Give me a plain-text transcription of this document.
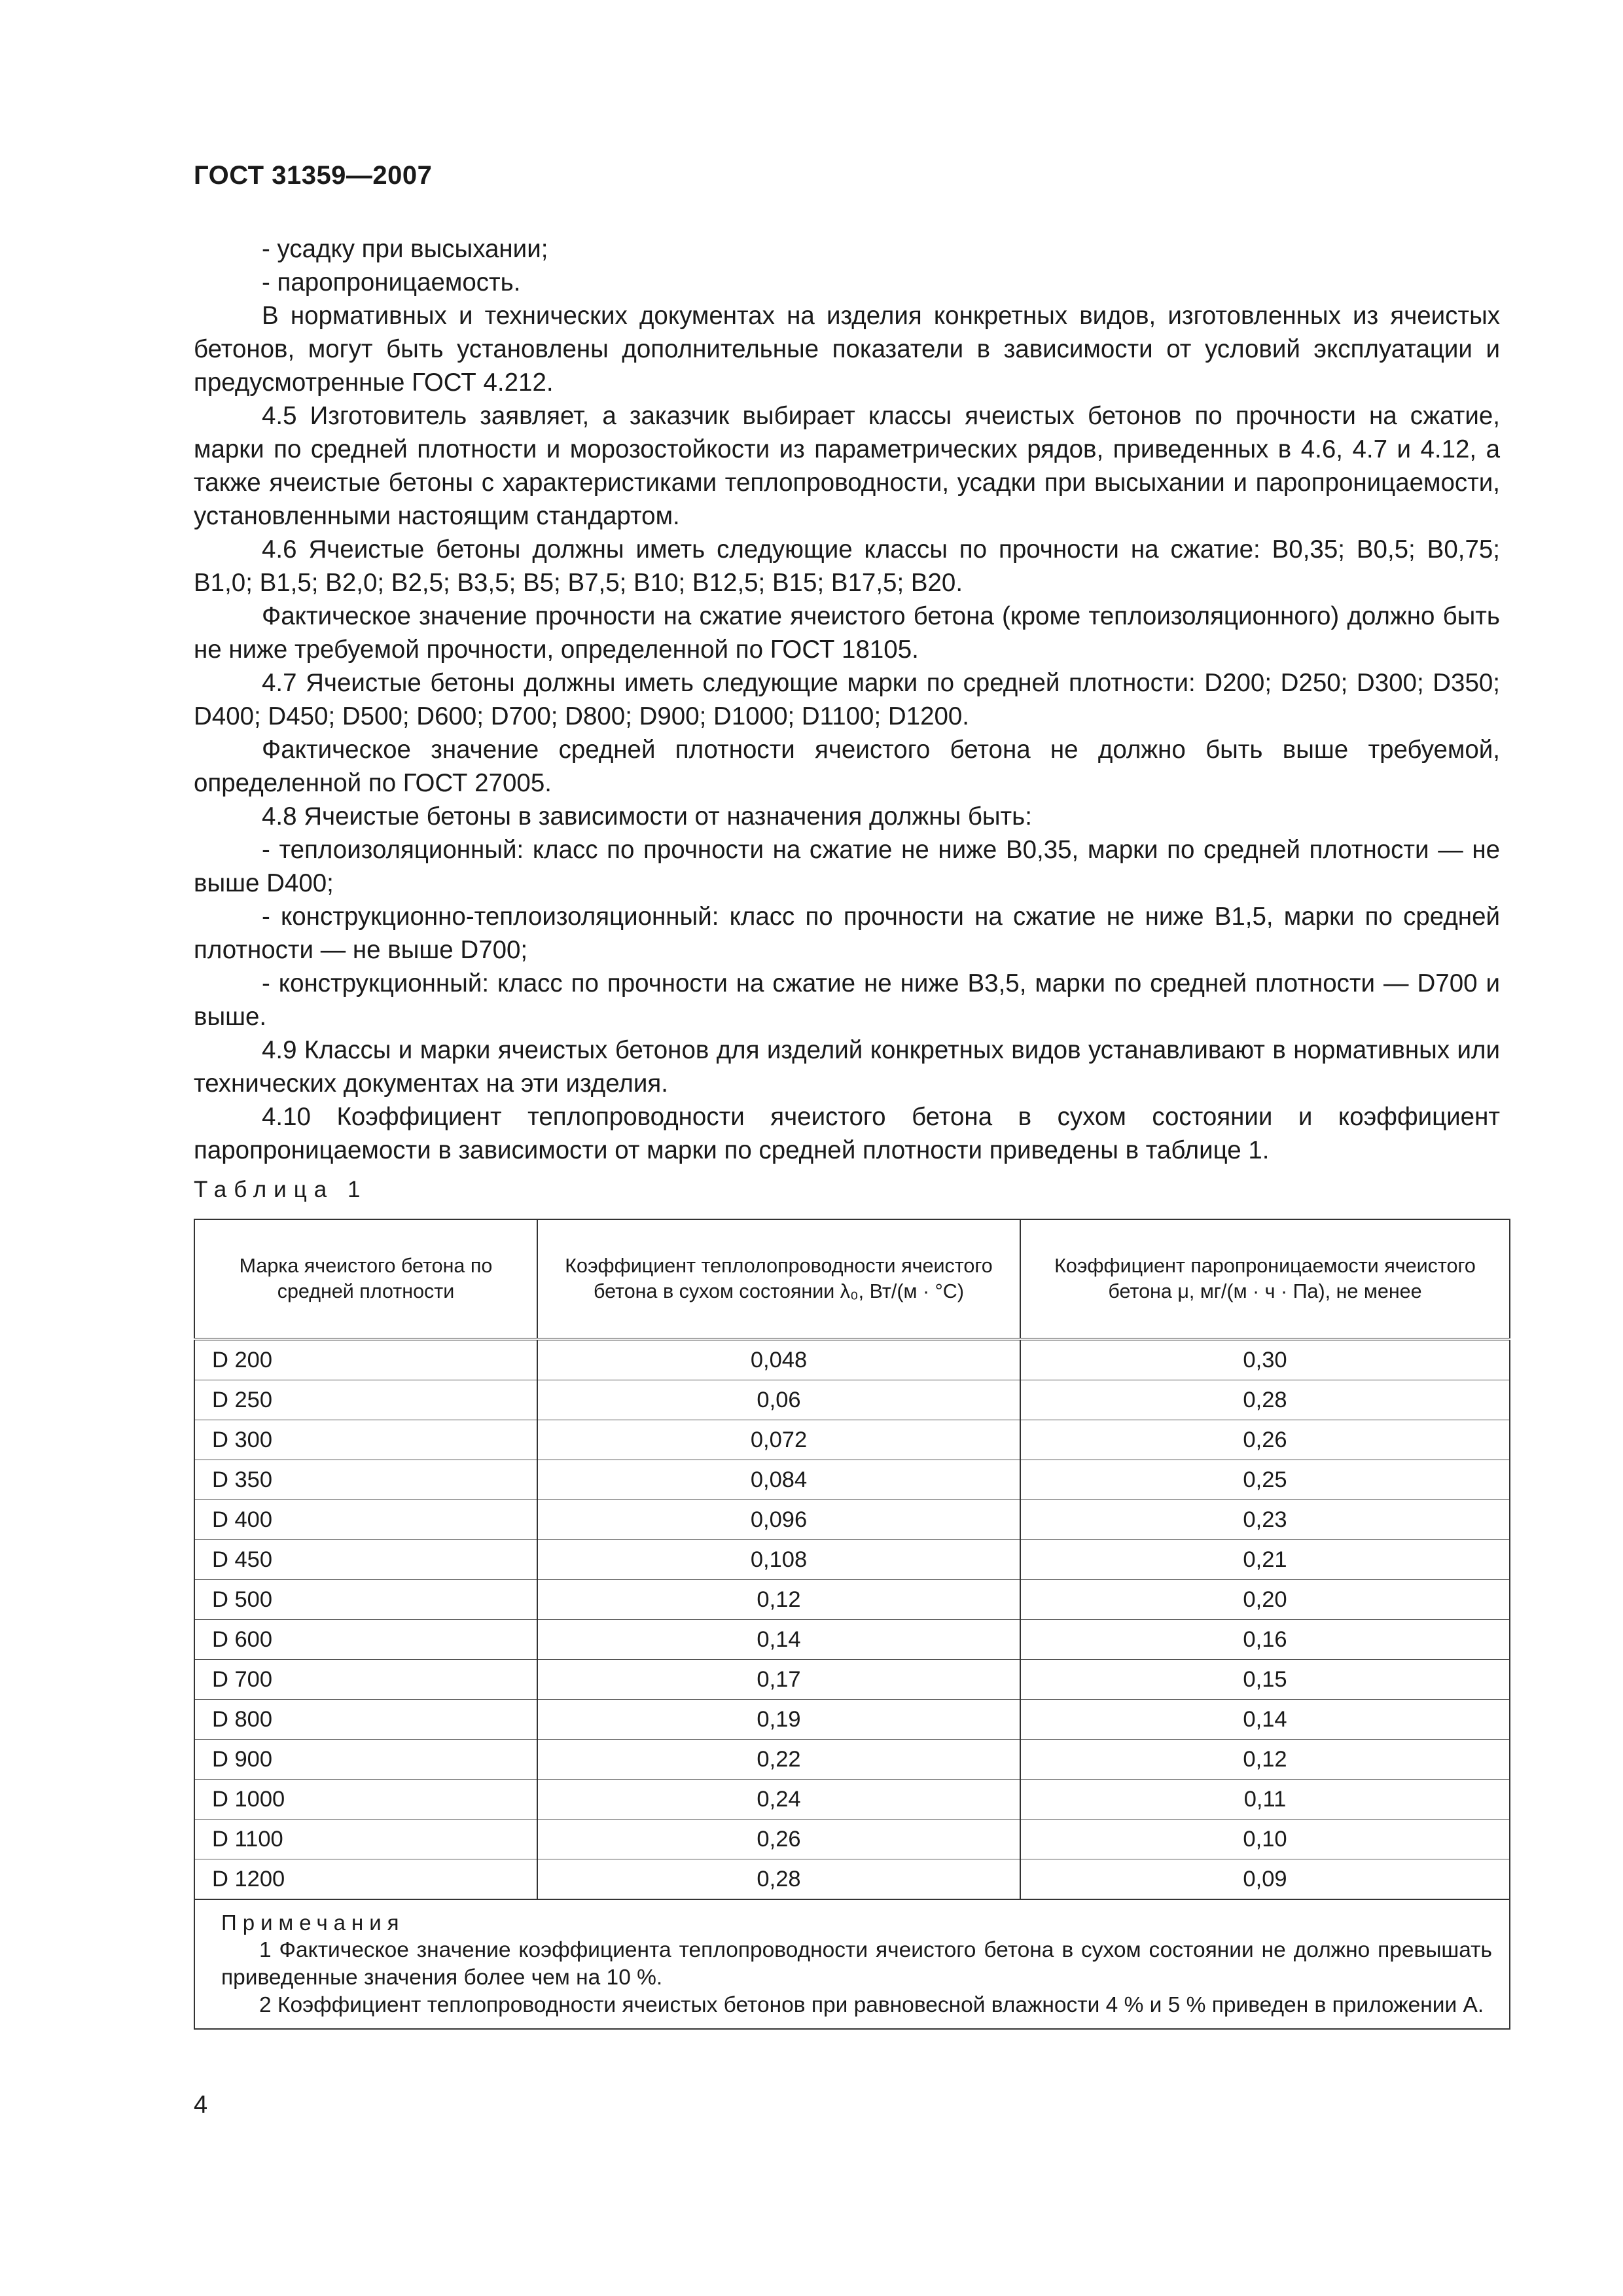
ГОСТ 31359—2007

- усадку при высыхании;

- паропроницаемость.

В нормативных и технических документах на изделия конкретных видов, изготовленных из ячеистых бетонов, могут быть установлены дополнительные показатели в зависимости от условий эксплуатации и предусмотренные ГОСТ 4.212.

4.5 Изготовитель заявляет, а заказчик выбирает классы ячеистых бетонов по прочности на сжатие, марки по средней плотности и морозостойкости из параметрических рядов, приведенных в 4.6, 4.7 и 4.12, а также ячеистые бетоны с характеристиками теплопроводности, усадки при высыхании и паропроницаемости, установленными настоящим стандартом.

4.6 Ячеистые бетоны должны иметь следующие классы по прочности на сжатие: В0,35; В0,5; В0,75; В1,0; В1,5; В2,0; В2,5; В3,5; В5; В7,5; В10; В12,5; В15; В17,5; В20.

Фактическое значение прочности на сжатие ячеистого бетона (кроме теплоизоляционного) должно быть не ниже требуемой прочности, определенной по ГОСТ 18105.

4.7 Ячеистые бетоны должны иметь следующие марки по средней плотности: D200; D250; D300; D350; D400; D450; D500; D600; D700; D800; D900; D1000; D1100; D1200.

Фактическое значение средней плотности ячеистого бетона не должно быть выше требуемой, определенной по ГОСТ 27005.

4.8 Ячеистые бетоны в зависимости от назначения должны быть:

- теплоизоляционный: класс по прочности на сжатие не ниже В0,35, марки по средней плотности — не выше D400;

- конструкционно-теплоизоляционный: класс по прочности на сжатие не ниже В1,5, марки по средней плотности — не выше D700;

- конструкционный: класс по прочности на сжатие не ниже В3,5, марки по средней плотности — D700 и выше.

4.9 Классы и марки ячеистых бетонов для изделий конкретных видов устанавливают в нормативных или технических документах на эти изделия.

4.10 Коэффициент теплопроводности ячеистого бетона в сухом состоянии и коэффициент паропроницаемости в зависимости от марки по средней плотности приведены в таблице 1.

Таблица 1
Марка ячеистого бетона по средней плотности	Коэффициент теплолопроводности ячеистого бетона в сухом состоянии λ₀, Вт/(м · °С)	Коэффициент паропроницаемости ячеистого бетона μ, мг/(м · ч · Па), не менее
D 200	0,048	0,30
D 250	0,06	0,28
D 300	0,072	0,26
D 350	0,084	0,25
D 400	0,096	0,23
D 450	0,108	0,21
D 500	0,12	0,20
D 600	0,14	0,16
D 700	0,17	0,15
D 800	0,19	0,14
D 900	0,22	0,12
D 1000	0,24	0,11
D 1100	0,26	0,10
D 1200	0,28	0,09

Примечания
1 Фактическое значение коэффициента теплопроводности ячеистого бетона в сухом состоянии не должно превышать приведенные значения более чем на 10 %.
2 Коэффициент теплопроводности ячеистых бетонов при равновесной влажности 4 % и 5 % приведен в приложении А.		
4
